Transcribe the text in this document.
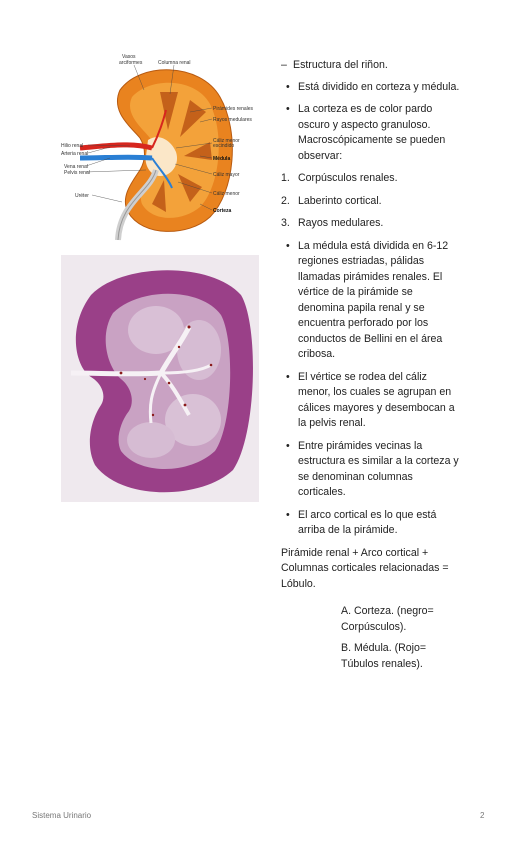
Vasos
arciformes	Columna renal
Pirámides renales
Rayos medulares
Cáliz menor
escindido
Médula
Cáliz mayor
Cáliz menor
Corteza
Hilio renal
Arteria renal
Vena renal
Pelvis renal
Uréter
– Estructura del riñon.
• Está dividido en corteza y médula.
• La corteza es de color pardo oscuro y aspecto granuloso. Macroscópicamente se pueden observar:
1. Corpúsculos renales.
2. Laberinto cortical.
3. Rayos medulares.
• La médula está dividida en 6-12 regiones estriadas, pálidas llamadas pirámides renales. El vértice de la pirámide se denomina papila renal y se encuentra perforado por los conductos de Bellini en el área cribosa.
• El vértice se rodea del cáliz menor, los cuales se agrupan en cálices mayores y desembocan a la pelvis renal.
• Entre pirámides vecinas la estructura es similar a la corteza y se denominan columnas corticales.
• El arco cortical es lo que está arriba de la pirámide.

Pirámide renal + Arco cortical + Columnas corticales relacionadas = Lóbulo.

A. Corteza. (negro= Corpúsculos).

B. Médula. (Rojo= Túbulos renales).

Sistema Urinario	2
